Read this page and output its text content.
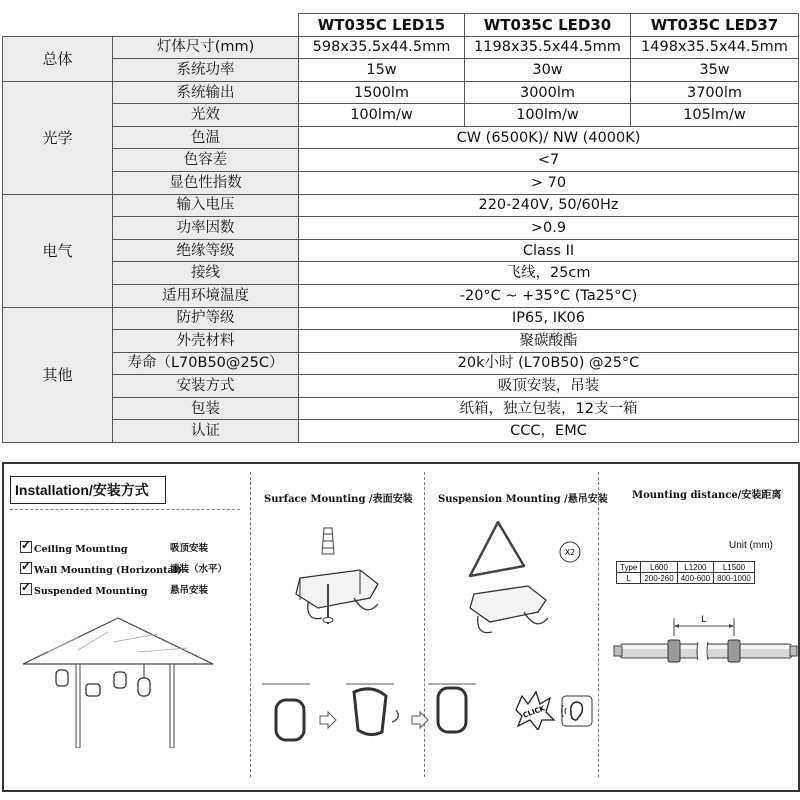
		WT035C LED15	WT035C LED30	WT035C LED37
总体	灯体尺寸(mm)	598x35.5x44.5mm	1198x35.5x44.5mm	1498x35.5x44.5mm
	系统功率	15w	30w	35w
光学	系统输出	1500lm	3000lm	3700lm
	光效	100lm/w	100lm/w	105lm/w
	色温	CW (6500K)/ NW (4000K)		
	色容差	<7		
	显色性指数	> 70		
电气	输入电压	220-240V, 50/60Hz		
	功率因数	>0.9		
	绝缘等级	Class II		
	接线	飞线，25cm		
	适用环境温度	-20°C ~ +35°C (Ta25°C)		
其他	防护等级	IP65, IK06		
	外壳材料	聚碳酸酯		
	寿命（L70B50@25C）	20k小时 (L70B50) @25°C		
	安装方式	吸顶安装，吊装		
	包装	纸箱，独立包装，12支一箱		
	认证	CCC，EMC		
Installation/安装方式
✓Ceiling Mounting	吸顶安装
✓Wall Mounting (Horizontal)
墙装（水平）
✓Suspended Mounting 悬吊安装
Surface Mounting /表面安装	Suspension Mounting /悬吊安装
X2
CLICK
Mounting distance/安装距离
Unit (mm)
Type	L600	L1200	L1500
L	200-260	400-600	800-1000
L
